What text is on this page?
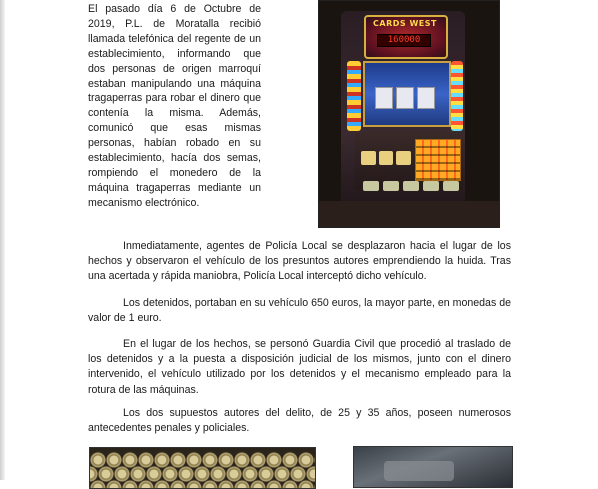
El pasado día 6 de Octubre de 2019, P.L. de Moratalla recibió llamada telefónica del regente de un establecimiento, informando que dos personas de origen marroquí estaban manipulando una máquina tragaperras para robar el dinero que contenía la misma. Además, comunicó que esas mismas personas, habían robado en su establecimiento, hacía dos semas, rompiendo el monedero de la máquina tragaperras mediante un mecanismo electrónico.
CARDS WEST
160000

Inmediatamente, agentes de Policía Local se desplazaron hacia el lugar de los hechos y observaron el vehículo de los presuntos autores emprendiendo la huida. Tras una acertada y rápida maniobra, Policía Local interceptó dicho vehículo.

Los detenidos, portaban en su vehículo 650 euros, la mayor parte, en monedas de valor de 1 euro.

En el lugar de los hechos, se personó Guardia Civil que procedió al traslado de los detenidos y a la puesta a disposición judicial de los mismos, junto con el dinero intervenido, el vehículo utilizado por los detenidos y el mecanismo empleado para la rotura de las máquinas.

Los dos supuestos autores del delito, de 25 y 35 años, poseen numerosos antecedentes penales y policiales.
